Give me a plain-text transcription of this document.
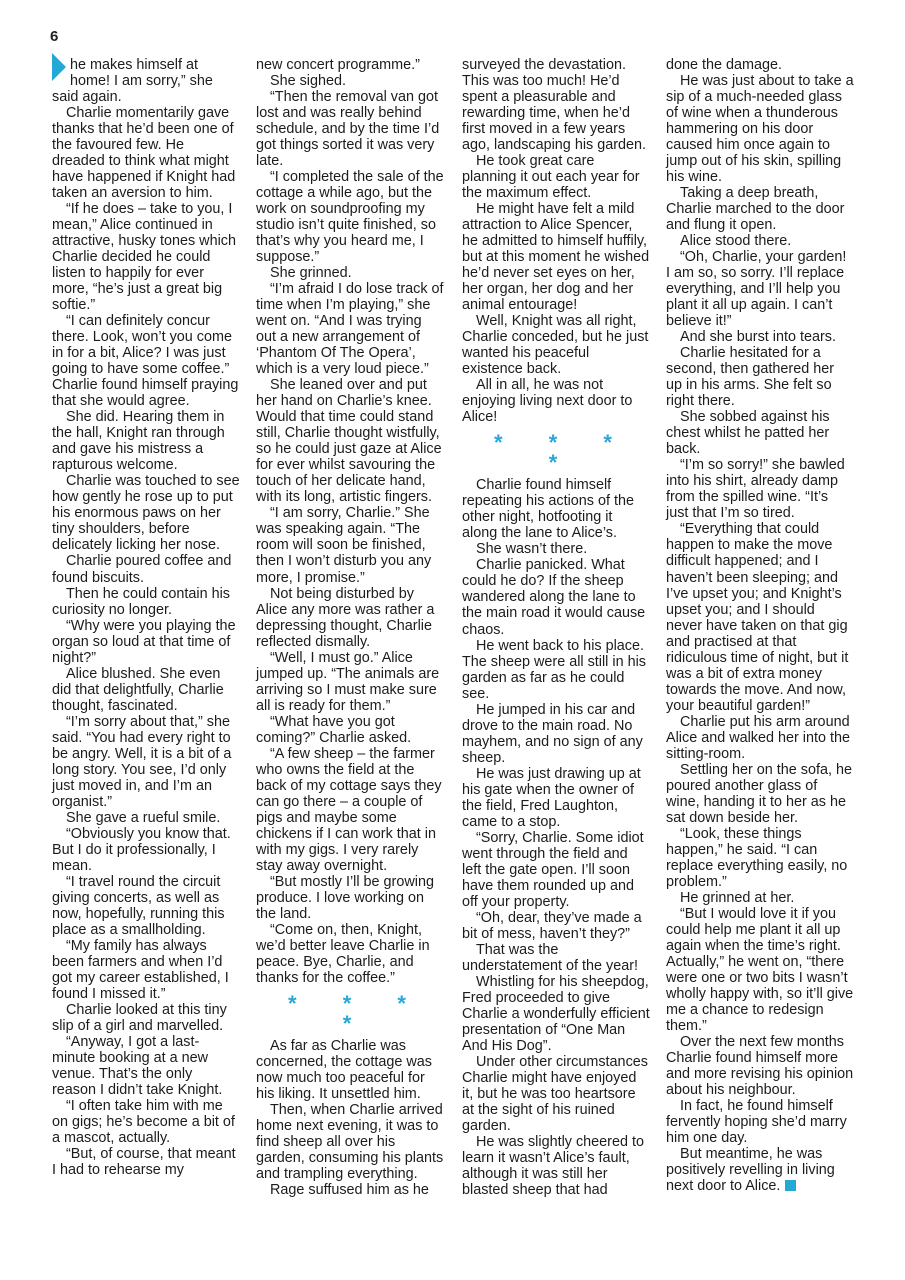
6

he makes himself at home! I am sorry,” she said again.

Charlie momentarily gave thanks that he’d been one of the favoured few. He dreaded to think what might have happened if Knight had taken an aversion to him.

“If he does – take to you, I mean,” Alice continued in attractive, husky tones which Charlie decided he could listen to happily for ever more, “he’s just a great big softie.”

“I can definitely concur there. Look, won’t you come in for a bit, Alice? I was just going to have some coffee.” Charlie found himself praying that she would agree.

She did. Hearing them in the hall, Knight ran through and gave his mistress a rapturous welcome.

Charlie was touched to see how gently he rose up to put his enormous paws on her tiny shoulders, before delicately licking her nose.

Charlie poured coffee and found biscuits.

Then he could contain his curiosity no longer.

“Why were you playing the organ so loud at that time of night?”

Alice blushed. She even did that delightfully, Charlie thought, fascinated.

“I’m sorry about that,” she said. “You had every right to be angry. Well, it is a bit of a long story. You see, I’d only just moved in, and I’m an organist.”

She gave a rueful smile.

“Obviously you know that. But I do it professionally, I mean.

“I travel round the circuit giving concerts, as well as now, hopefully, running this place as a smallholding.

“My family has always been farmers and when I’d got my career established, I found I missed it.”

Charlie looked at this tiny slip of a girl and marvelled.

“Anyway, I got a last-minute booking at a new venue. That’s the only reason I didn’t take Knight.

“I often take him with me on gigs; he’s become a bit of a mascot, actually.

“But, of course, that meant I had to rehearse my

new concert programme.”

She sighed.

“Then the removal van got lost and was really behind schedule, and by the time I’d got things sorted it was very late.

“I completed the sale of the cottage a while ago, but the work on soundproofing my studio isn’t quite finished, so that’s why you heard me, I suppose.”

She grinned.

“I’m afraid I do lose track of time when I’m playing,” she went on. “And I was trying out a new arrangement of ‘Phantom Of The Opera’, which is a very loud piece.”

She leaned over and put her hand on Charlie’s knee. Would that time could stand still, Charlie thought wistfully, so he could just gaze at Alice for ever whilst savouring the touch of her delicate hand, with its long, artistic fingers.

“I am sorry, Charlie.” She was speaking again. “The room will soon be finished, then I won’t disturb you any more, I promise.”

Not being disturbed by Alice any more was rather a depressing thought, Charlie reflected dismally.

“Well, I must go.” Alice jumped up. “The animals are arriving so I must make sure all is ready for them.”

“What have you got coming?” Charlie asked.

“A few sheep – the farmer who owns the field at the back of my cottage says they can go there – a couple of pigs and maybe some chickens if I can work that in with my gigs. I very rarely stay away overnight.

“But mostly I’ll be growing produce. I love working on the land.

“Come on, then, Knight, we’d better leave Charlie in peace. Bye, Charlie, and thanks for the coffee.”

* * * *

As far as Charlie was concerned, the cottage was now much too peaceful for his liking. It unsettled him.

Then, when Charlie arrived home next evening, it was to find sheep all over his garden, consuming his plants and trampling everything.

Rage suffused him as he

surveyed the devastation. This was too much! He’d spent a pleasurable and rewarding time, when he’d first moved in a few years ago, landscaping his garden.

He took great care planning it out each year for the maximum effect.

He might have felt a mild attraction to Alice Spencer, he admitted to himself huffily, but at this moment he wished he’d never set eyes on her, her organ, her dog and her animal entourage!

Well, Knight was all right, Charlie conceded, but he just wanted his peaceful existence back.

All in all, he was not enjoying living next door to Alice!

* * * *

Charlie found himself repeating his actions of the other night, hotfooting it along the lane to Alice’s.

She wasn’t there.

Charlie panicked. What could he do? If the sheep wandered along the lane to the main road it would cause chaos.

He went back to his place. The sheep were all still in his garden as far as he could see.

He jumped in his car and drove to the main road. No mayhem, and no sign of any sheep.

He was just drawing up at his gate when the owner of the field, Fred Laughton, came to a stop.

“Sorry, Charlie. Some idiot went through the field and left the gate open. I’ll soon have them rounded up and off your property.

“Oh, dear, they’ve made a bit of mess, haven’t they?”

That was the understatement of the year!

Whistling for his sheepdog, Fred proceeded to give Charlie a wonderfully efficient presentation of “One Man And His Dog”.

Under other circumstances Charlie might have enjoyed it, but he was too heartsore at the sight of his ruined garden.

He was slightly cheered to learn it wasn’t Alice’s fault, although it was still her blasted sheep that had

done the damage.

He was just about to take a sip of a much-needed glass of wine when a thunderous hammering on his door caused him once again to jump out of his skin, spilling his wine.

Taking a deep breath, Charlie marched to the door and flung it open.

Alice stood there.

“Oh, Charlie, your garden! I am so, so sorry. I’ll replace everything, and I’ll help you plant it all up again. I can’t believe it!”

And she burst into tears.

Charlie hesitated for a second, then gathered her up in his arms. She felt so right there.

She sobbed against his chest whilst he patted her back.

“I’m so sorry!” she bawled into his shirt, already damp from the spilled wine. “It’s just that I’m so tired.

“Everything that could happen to make the move difficult happened; and I haven’t been sleeping; and I’ve upset you; and Knight’s upset you; and I should never have taken on that gig and practised at that ridiculous time of night, but it was a bit of extra money towards the move. And now, your beautiful garden!”

Charlie put his arm around Alice and walked her into the sitting-room.

Settling her on the sofa, he poured another glass of wine, handing it to her as he sat down beside her.

“Look, these things happen,” he said. “I can replace everything easily, no problem.”

He grinned at her.

“But I would love it if you could help me plant it all up again when the time’s right. Actually,” he went on, “there were one or two bits I wasn’t wholly happy with, so it’ll give me a chance to redesign them.”

Over the next few months Charlie found himself more and more revising his opinion about his neighbour.

In fact, he found himself fervently hoping she’d marry him one day.

But meantime, he was positively revelling in living next door to Alice.
